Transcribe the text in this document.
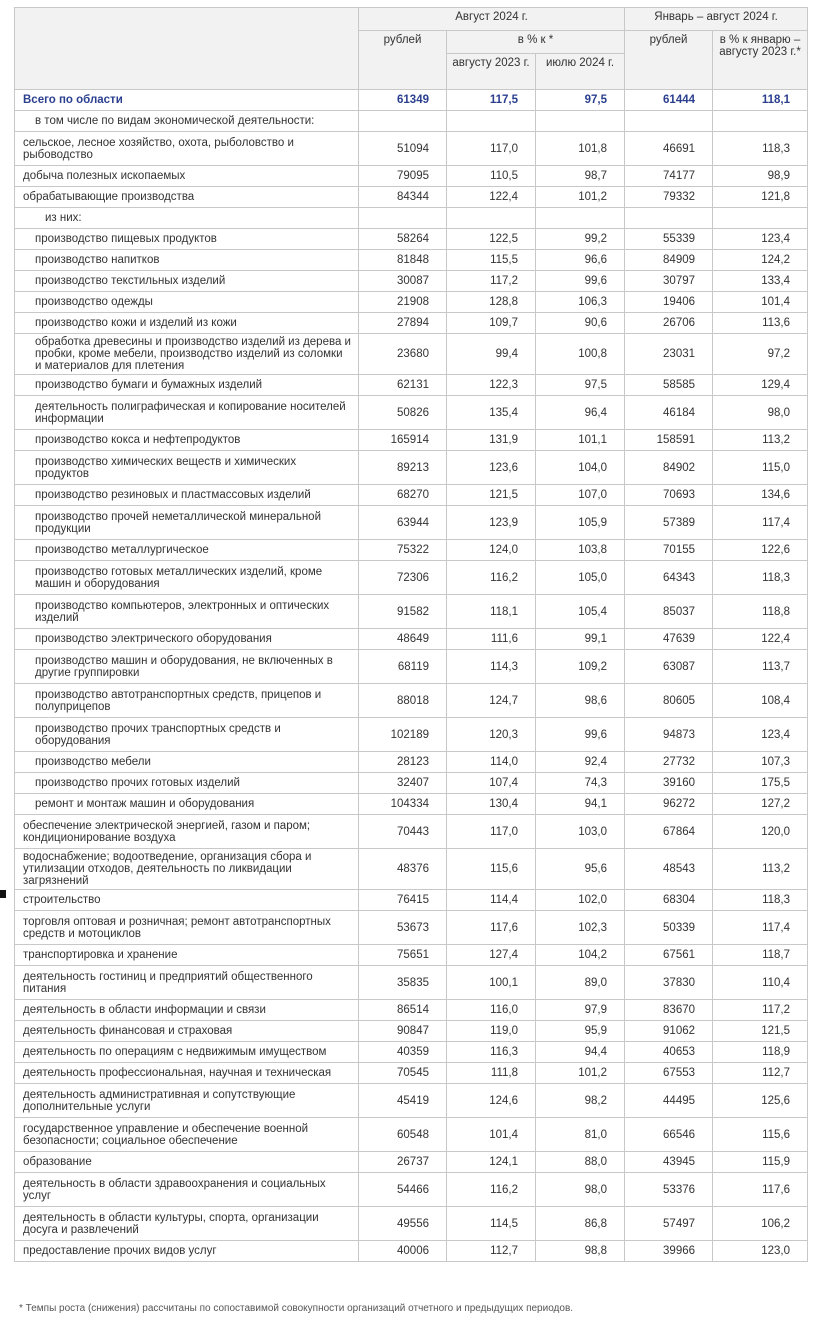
	Август 2024 г.			Январь – август 2024 г.	
	рублей	в % к *		рублей	в % к январю – августу 2023 г.*
		августу 2023 г.	июлю 2024 г.		
Всего по области	61349	117,5	97,5	61444	118,1
в том числе по видам экономической деятельности:					
сельское, лесное хозяйство, охота, рыболовство и рыбоводство	51094	117,0	101,8	46691	118,3
добыча полезных ископаемых	79095	110,5	98,7	74177	98,9
обрабатывающие производства	84344	122,4	101,2	79332	121,8
из них:					
производство пищевых продуктов	58264	122,5	99,2	55339	123,4
производство напитков	81848	115,5	96,6	84909	124,2
производство текстильных изделий	30087	117,2	99,6	30797	133,4
производство одежды	21908	128,8	106,3	19406	101,4
производство кожи и изделий из кожи	27894	109,7	90,6	26706	113,6
обработка древесины и производство изделий из дерева и пробки, кроме мебели, производство изделий из соломки и материалов для плетения	23680	99,4	100,8	23031	97,2
производство бумаги и бумажных изделий	62131	122,3	97,5	58585	129,4
деятельность полиграфическая и копирование носителей информации	50826	135,4	96,4	46184	98,0
производство кокса и нефтепродуктов	165914	131,9	101,1	158591	113,2
производство химических веществ и химических продуктов	89213	123,6	104,0	84902	115,0
производство резиновых и пластмассовых изделий	68270	121,5	107,0	70693	134,6
производство прочей неметаллической минеральной продукции	63944	123,9	105,9	57389	117,4
производство металлургическое	75322	124,0	103,8	70155	122,6
производство готовых металлических изделий, кроме машин и оборудования	72306	116,2	105,0	64343	118,3
производство компьютеров, электронных и оптических изделий	91582	118,1	105,4	85037	118,8
производство электрического оборудования	48649	111,6	99,1	47639	122,4
производство машин и оборудования, не включенных в другие группировки	68119	114,3	109,2	63087	113,7
производство автотранспортных средств, прицепов и полуприцепов	88018	124,7	98,6	80605	108,4
производство прочих транспортных средств и оборудования	102189	120,3	99,6	94873	123,4
производство мебели	28123	114,0	92,4	27732	107,3
производство прочих готовых изделий	32407	107,4	74,3	39160	175,5
ремонт и монтаж машин и оборудования	104334	130,4	94,1	96272	127,2
обеспечение электрической энергией, газом и паром; кондиционирование воздуха	70443	117,0	103,0	67864	120,0
водоснабжение; водоотведение, организация сбора и утилизации отходов, деятельность по ликвидации загрязнений	48376	115,6	95,6	48543	113,2
строительство	76415	114,4	102,0	68304	118,3
торговля оптовая и розничная; ремонт автотранспортных средств и мотоциклов	53673	117,6	102,3	50339	117,4
транспортировка и хранение	75651	127,4	104,2	67561	118,7
деятельность гостиниц и предприятий общественного питания	35835	100,1	89,0	37830	110,4
деятельность в области информации и связи	86514	116,0	97,9	83670	117,2
деятельность финансовая и страховая	90847	119,0	95,9	91062	121,5
деятельность по операциям с недвижимым имуществом	40359	116,3	94,4	40653	118,9
деятельность профессиональная, научная и техническая	70545	111,8	101,2	67553	112,7
деятельность административная и сопутствующие дополнительные услуги	45419	124,6	98,2	44495	125,6
государственное управление и обеспечение военной безопасности; социальное обеспечение	60548	101,4	81,0	66546	115,6
образование	26737	124,1	88,0	43945	115,9
деятельность в области здравоохранения и социальных услуг	54466	116,2	98,0	53376	117,6
деятельность в области культуры, спорта, организации досуга и развлечений	49556	114,5	86,8	57497	106,2
предоставление прочих видов услуг	40006	112,7	98,8	39966	123,0
* Темпы роста (снижения) рассчитаны по сопоставимой совокупности организаций отчетного и предыдущих периодов.
